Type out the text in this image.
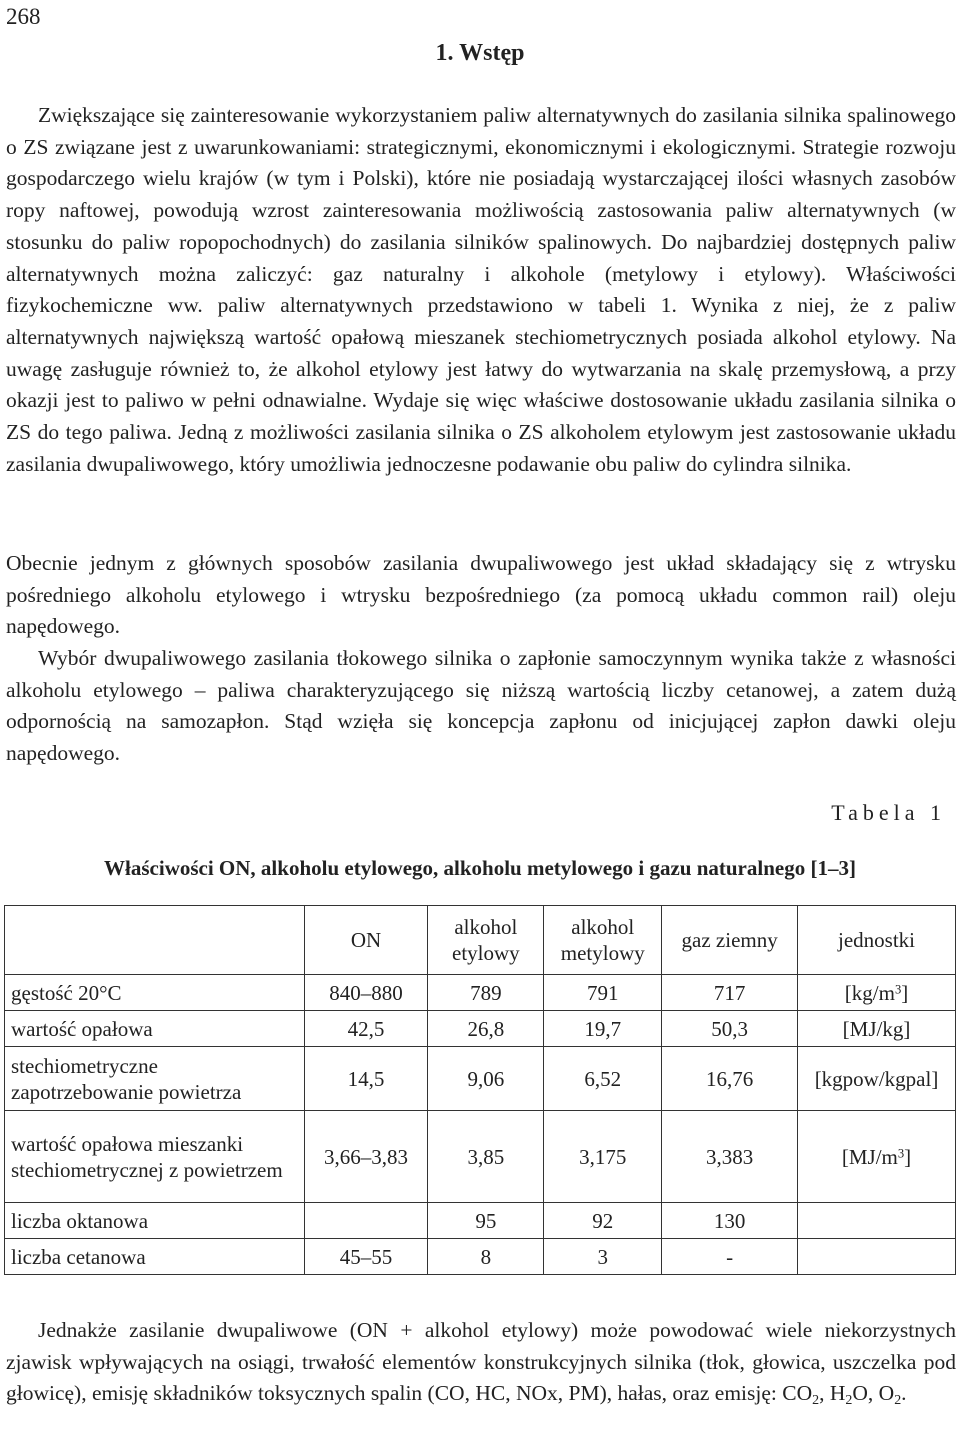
268
1. Wstęp

Zwiększające się zainteresowanie wykorzystaniem paliw alternatywnych do zasilania silnika spalinowego o ZS związane jest z uwarunkowaniami: strategicznymi, ekonomicznymi i ekologicznymi. Strategie rozwoju gospodarczego wielu krajów (w tym i Polski), które nie posiadają wystarczającej ilości własnych zasobów ropy naftowej, powodują wzrost zainteresowania możliwością zastosowania paliw alternatywnych (w stosunku do paliw ropopochodnych) do zasilania silników spalinowych. Do najbardziej dostępnych paliw alternatywnych można zaliczyć: gaz naturalny i alkohole (metylowy i etylowy). Właściwości fizykochemiczne ww. paliw alternatywnych przedstawiono w tabeli 1. Wynika z niej, że z paliw alternatywnych największą wartość opałową mieszanek stechiometrycznych posiada alkohol etylowy. Na uwagę zasługuje również to, że alkohol etylowy jest łatwy do wytwarzania na skalę przemysłową, a przy okazji jest to paliwo w pełni odnawialne. Wydaje się więc właściwe dostosowanie układu zasilania silnika o ZS do tego paliwa. Jedną z możliwości zasilania silnika o ZS alkoholem etylowym jest zastosowanie układu zasilania dwupaliwowego, który umożliwia jednoczesne podawanie obu paliw do cylindra silnika.

Obecnie jednym z głównych sposobów zasilania dwupaliwowego jest układ składający się z wtrysku pośredniego alkoholu etylowego i wtrysku bezpośredniego (za pomocą układu common rail) oleju napędowego.

Wybór dwupaliwowego zasilania tłokowego silnika o zapłonie samoczynnym wynika także z własności alkoholu etylowego – paliwa charakteryzującego się niższą wartością liczby cetanowej, a zatem dużą odpornością na samozapłon. Stąd wzięła się koncepcja zapłonu od inicjującej zapłon dawki oleju napędowego.

Tabela 1
Właściwości ON, alkoholu etylowego, alkoholu metylowego i gazu naturalnego [1–3]
	ON	alkohol etylowy	alkohol metylowy	gaz ziemny	jednostki
gęstość 20°C	840–880	789	791	717	$[kg/m^3]$
wartość opałowa	42,5	26,8	19,7	50,3	[MJ/kg]
stechiometryczne zapotrzebowanie powietrza	14,5	9,06	6,52	16,76	[kgpow/kgpal]
wartość opałowa mieszanki stechiometrycznej z powietrzem	3,66–3,83	3,85	3,175	3,383	$[MJ/m^3]$
liczba oktanowa		95	92	130	
liczba cetanowa	45–55	8	3	-	

Jednakże zasilanie dwupaliwowe (ON + alkohol etylowy) może powodować wiele niekorzystnych zjawisk wpływających na osiągi, trwałość elementów konstrukcyjnych silnika (tłok, głowica, uszczelka pod głowicę), emisję składników toksycznych spalin (CO, HC, NOx, PM), hałas, oraz emisję: $CO_2$, $H_2O$, $O_2$.
